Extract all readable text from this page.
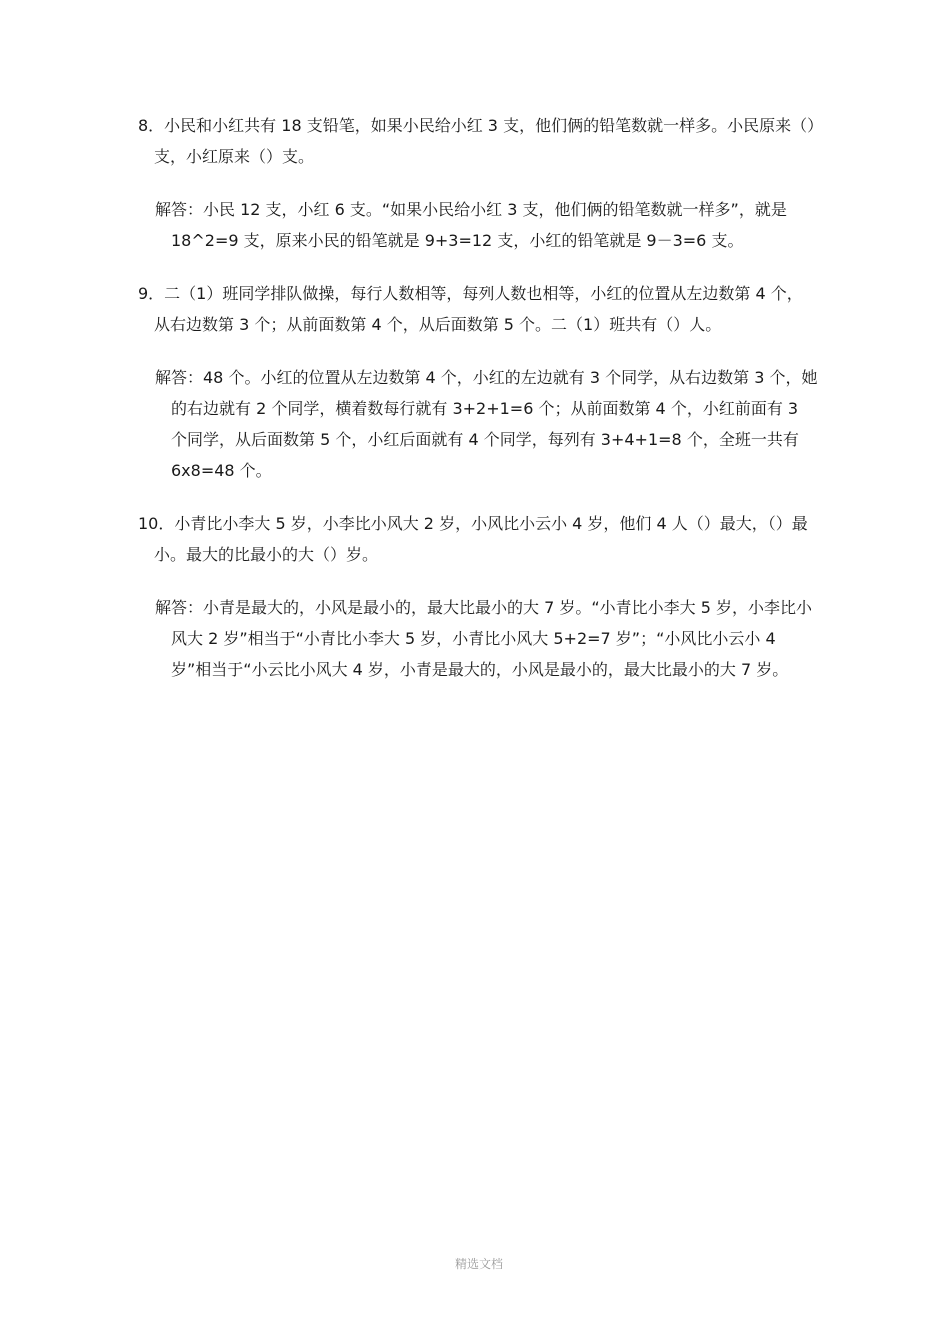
8．小民和小红共有 18 支铅笔，如果小民给小红 3 支，他们俩的铅笔数就一样多。小民原来（）支，小红原来（）支。

解答：小民 12 支，小红 6 支。“如果小民给小红 3 支，他们俩的铅笔数就一样多”，就是 18^2=9 支，原来小民的铅笔就是 9+3=12 支，小红的铅笔就是 9－3=6 支。

9．二（1）班同学排队做操，每行人数相等，每列人数也相等，小红的位置从左边数第 4 个，从右边数第 3 个；从前面数第 4 个，从后面数第 5 个。二（1）班共有（）人。

解答：48 个。小红的位置从左边数第 4 个，小红的左边就有 3 个同学，从右边数第 3 个，她的右边就有 2 个同学，横着数每行就有 3+2+1=6 个；从前面数第 4 个，小红前面有 3 个同学，从后面数第 5 个，小红后面就有 4 个同学，每列有 3+4+1=8 个，全班一共有 6x8=48 个。

10．小青比小李大 5 岁，小李比小风大 2 岁，小风比小云小 4 岁，他们 4 人（）最大，（）最小。最大的比最小的大（）岁。

解答：小青是最大的，小风是最小的，最大比最小的大 7 岁。“小青比小李大 5 岁，小李比小风大 2 岁”相当于“小青比小李大 5 岁，小青比小风大 5+2=7 岁”；“小风比小云小 4 岁”相当于“小云比小风大 4 岁，小青是最大的，小风是最小的，最大比最小的大 7 岁。

精选文档
